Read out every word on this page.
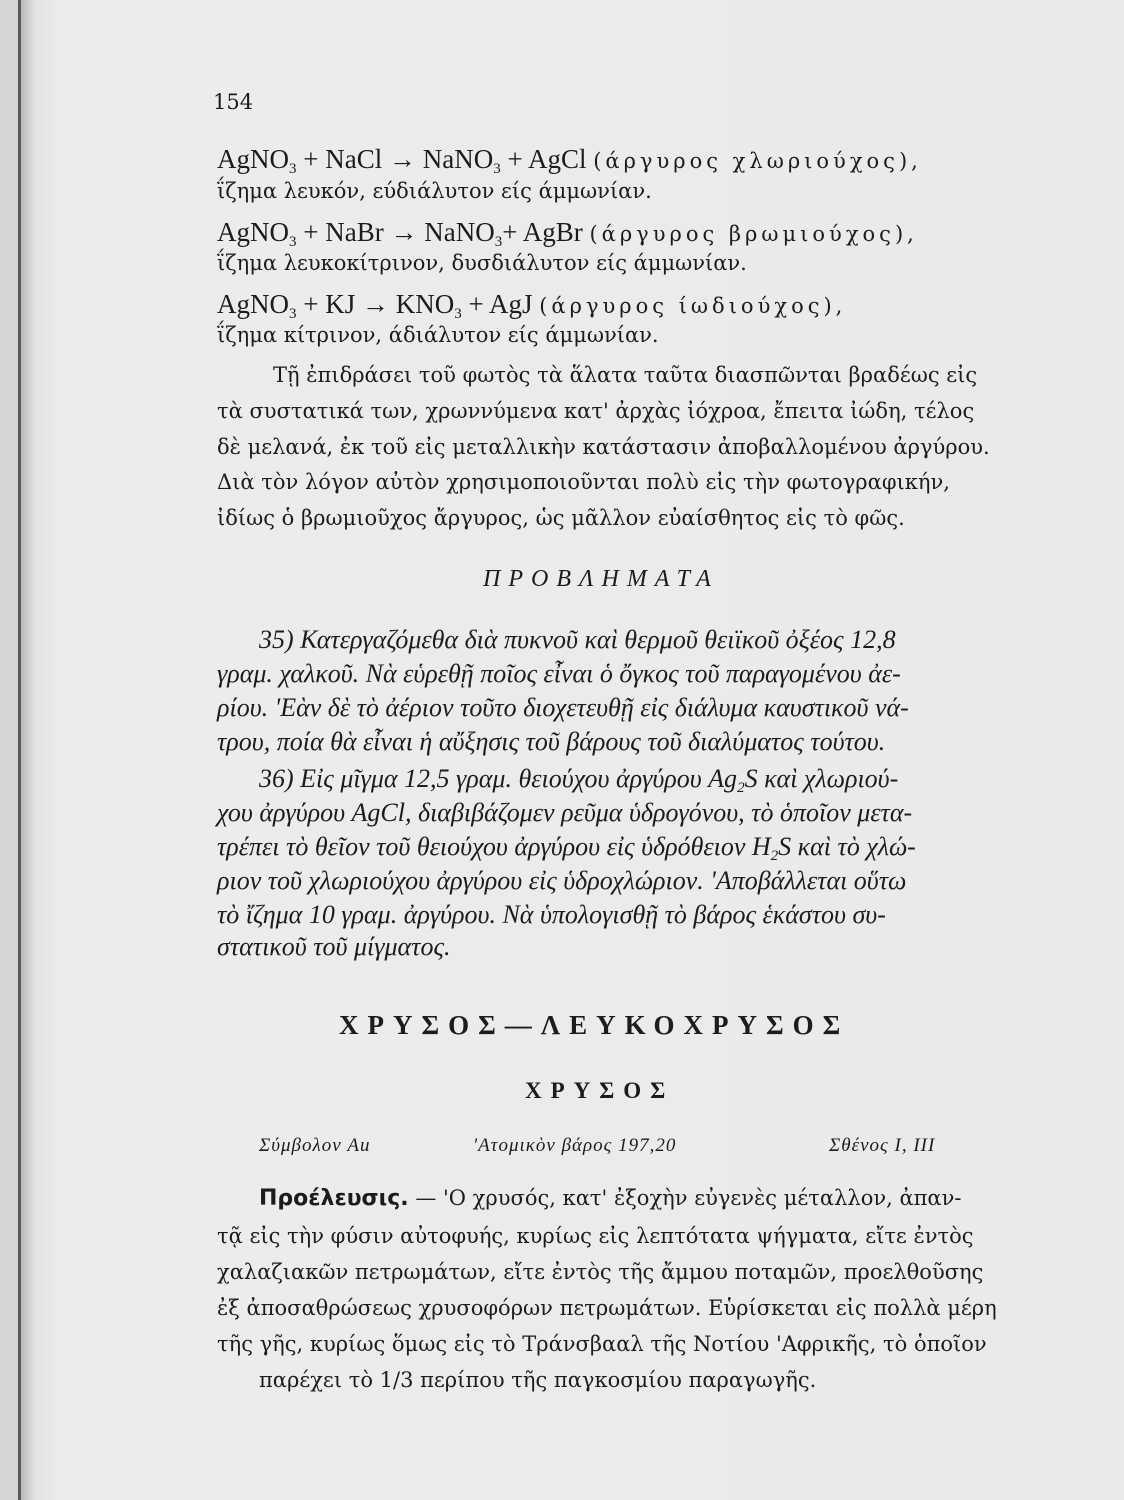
154
AgNO$_3$ + NaCl → NaNO$_3$ + AgCl (άργυρος χλωριούχος),
ΐζημα λευκόν, εύδιάλυτον είς άμμωνίαν.
AgNO$_3$ + NaBr → NaNO$_3$+ AgBr (άργυρος βρωμιούχος),
ΐζημα λευκοκίτρινον, δυσδιάλυτον είς άμμωνίαν.
AgNO$_3$ + KJ → $KNO_3$ + AgJ (άργυρος ίωδιούχος),
ΐζημα κίτρινον, άδιάλυτον είς άμμωνίαν.
Τῇ ἐπιδράσει τοῦ φωτὸς τὰ ἅλατα ταῦτα διασπῶνται βραδέως εἰς
τὰ συστατικά των, χρωννύμενα κατ' ἀρχὰς ἰόχροα, ἔπειτα ἰώδη, τέλος
δὲ μελανά, ἐκ τοῦ εἰς μεταλλικὴν κατάστασιν ἀποβαλλομένου ἀργύρου.
Διὰ τὸν λόγον αὐτὸν χρησιμοποιοῦνται πολὺ εἰς τὴν φωτογραφικήν,
ἰδίως ὁ βρωμιοῦχος ἄργυρος, ὡς μᾶλλον εὐαίσθητος εἰς τὸ φῶς.
ΠΡΟΒΛΗΜΑΤΑ
35) Κατεργαζόμεθα διὰ πυκνοῦ καὶ θερμοῦ θειϊκοῦ ὀξέος 12,8
γραμ. χαλκοῦ. Νὰ εὑρεθῇ ποῖος εἶναι ὁ ὄγκος τοῦ παραγομένου ἀε-
ρίου. 'Εὰν δὲ τὸ ἀέριον τοῦτο διοχετευθῇ εἰς διάλυμα καυστικοῦ νά-
τρου, ποία θὰ εἶναι ἡ αὔξησις τοῦ βάρους τοῦ διαλύματος τούτου.
36) Εἰς μῖγμα 12,5 γραμ. θειούχου ἀργύρου $Ag_2S$ καὶ χλωριού-
χου ἀργύρου AgCl, διαβιβάζομεν ρεῦμα ὑδρογόνου, τὸ ὁποῖον μετα-
τρέπει τὸ θεῖον τοῦ θειούχου ἀργύρου εἰς ὑδρόθειον $H_2S$ καὶ τὸ χλώ-
ριον τοῦ χλωριούχου ἀργύρου εἰς ὑδροχλώριον. 'Αποβάλλεται οὕτω
τὸ ἴζημα 10 γραμ. ἀργύρου. Νὰ ὑπολογισθῇ τὸ βάρος ἑκάστου συ-
στατικοῦ τοῦ μίγματος.
ΧΡΥΣΟΣ—ΛΕΥΚΟΧΡΥΣΟΣ
ΧΡΥΣΟΣ
Σύμβολον Au	'Ατομικὸν βάρος 197,20	Σθένος I, III
Προέλευσις. — 'Ο χρυσός, κατ' ἐξοχὴν εὐγενὲς μέταλλον, ἀπαν-
τᾷ εἰς τὴν φύσιν αὐτοφυής, κυρίως εἰς λεπτότατα ψήγματα, εἴτε ἐντὸς
χαλαζιακῶν πετρωμάτων, εἴτε ἐντὸς τῆς ἄμμου ποταμῶν, προελθοῦσης
ἐξ ἀποσαθρώσεως χρυσοφόρων πετρωμάτων. Εὑρίσκεται εἰς πολλὰ μέρη
τῆς γῆς, κυρίως ὅμως εἰς τὸ Τράνσβααλ τῆς Νοτίου 'Αφρικῆς, τὸ ὁποῖον
παρέχει τὸ 1/3 περίπου τῆς παγκοσμίου παραγωγῆς.
